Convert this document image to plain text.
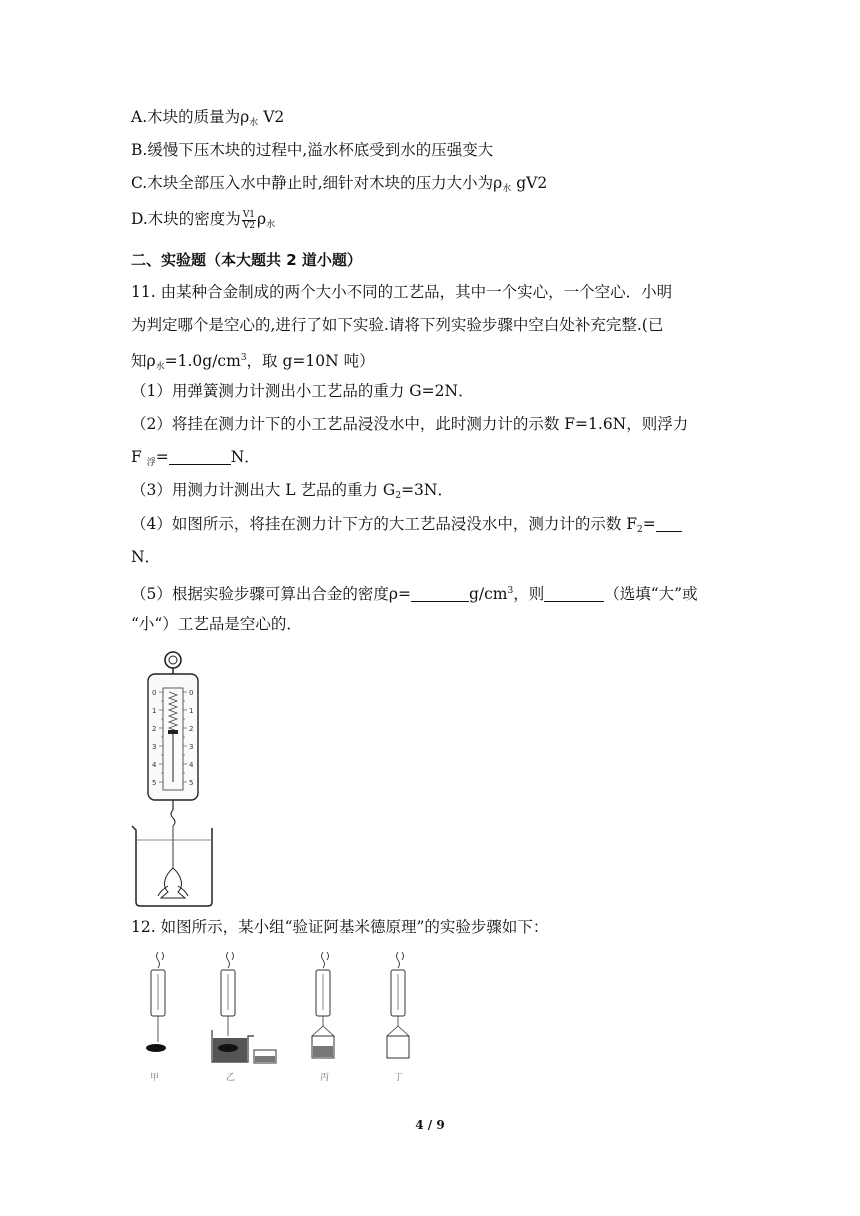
A.木块的质量为$\rho_水$ V2
B.缓慢下压木块的过程中,溢水杯底受到水的压强变大
C.木块全部压入水中静止时,细针对木块的压力大小为$\rho_水$ gV2
D.木块的密度为 $\frac{V1}{V2} \rho_水$
二、实验题（本大题共 2 道小题）
11. 由某种合金制成的两个大小不同的工艺品，其中一个实心，一个空心．小明
为判定哪个是空心的,进行了如下实验.请将下列实验步骤中空白处补充完整.(已
知$\rho_水=1.0g/cm^3$，取 g=10N 吨）
（1）用弹簧测力计测出小工艺品的重力 G=2N．
（2）将挂在测力计下的小工艺品浸没水中，此时测力计的示数 F=1.6N，则浮力
F $_浮$=	N．
（3）用测力计测出大 L 艺品的重力 $G_2=3N$．
（4）如图所示，将挂在测力计下方的大工艺品浸没水中，测力计的示数 $F_2=$
N．
（5）根据实验步骤可算出合金的密度ρ=	$g/cm^3$，则	（选填“大”或
“小“）工艺品是空心的．
0
1
2
3
4
5
0
1
2
3
4
5
12. 如图所示，某小组“验证阿基米德原理”的实验步骤如下：
甲	乙	丙	丁
4 / 9
